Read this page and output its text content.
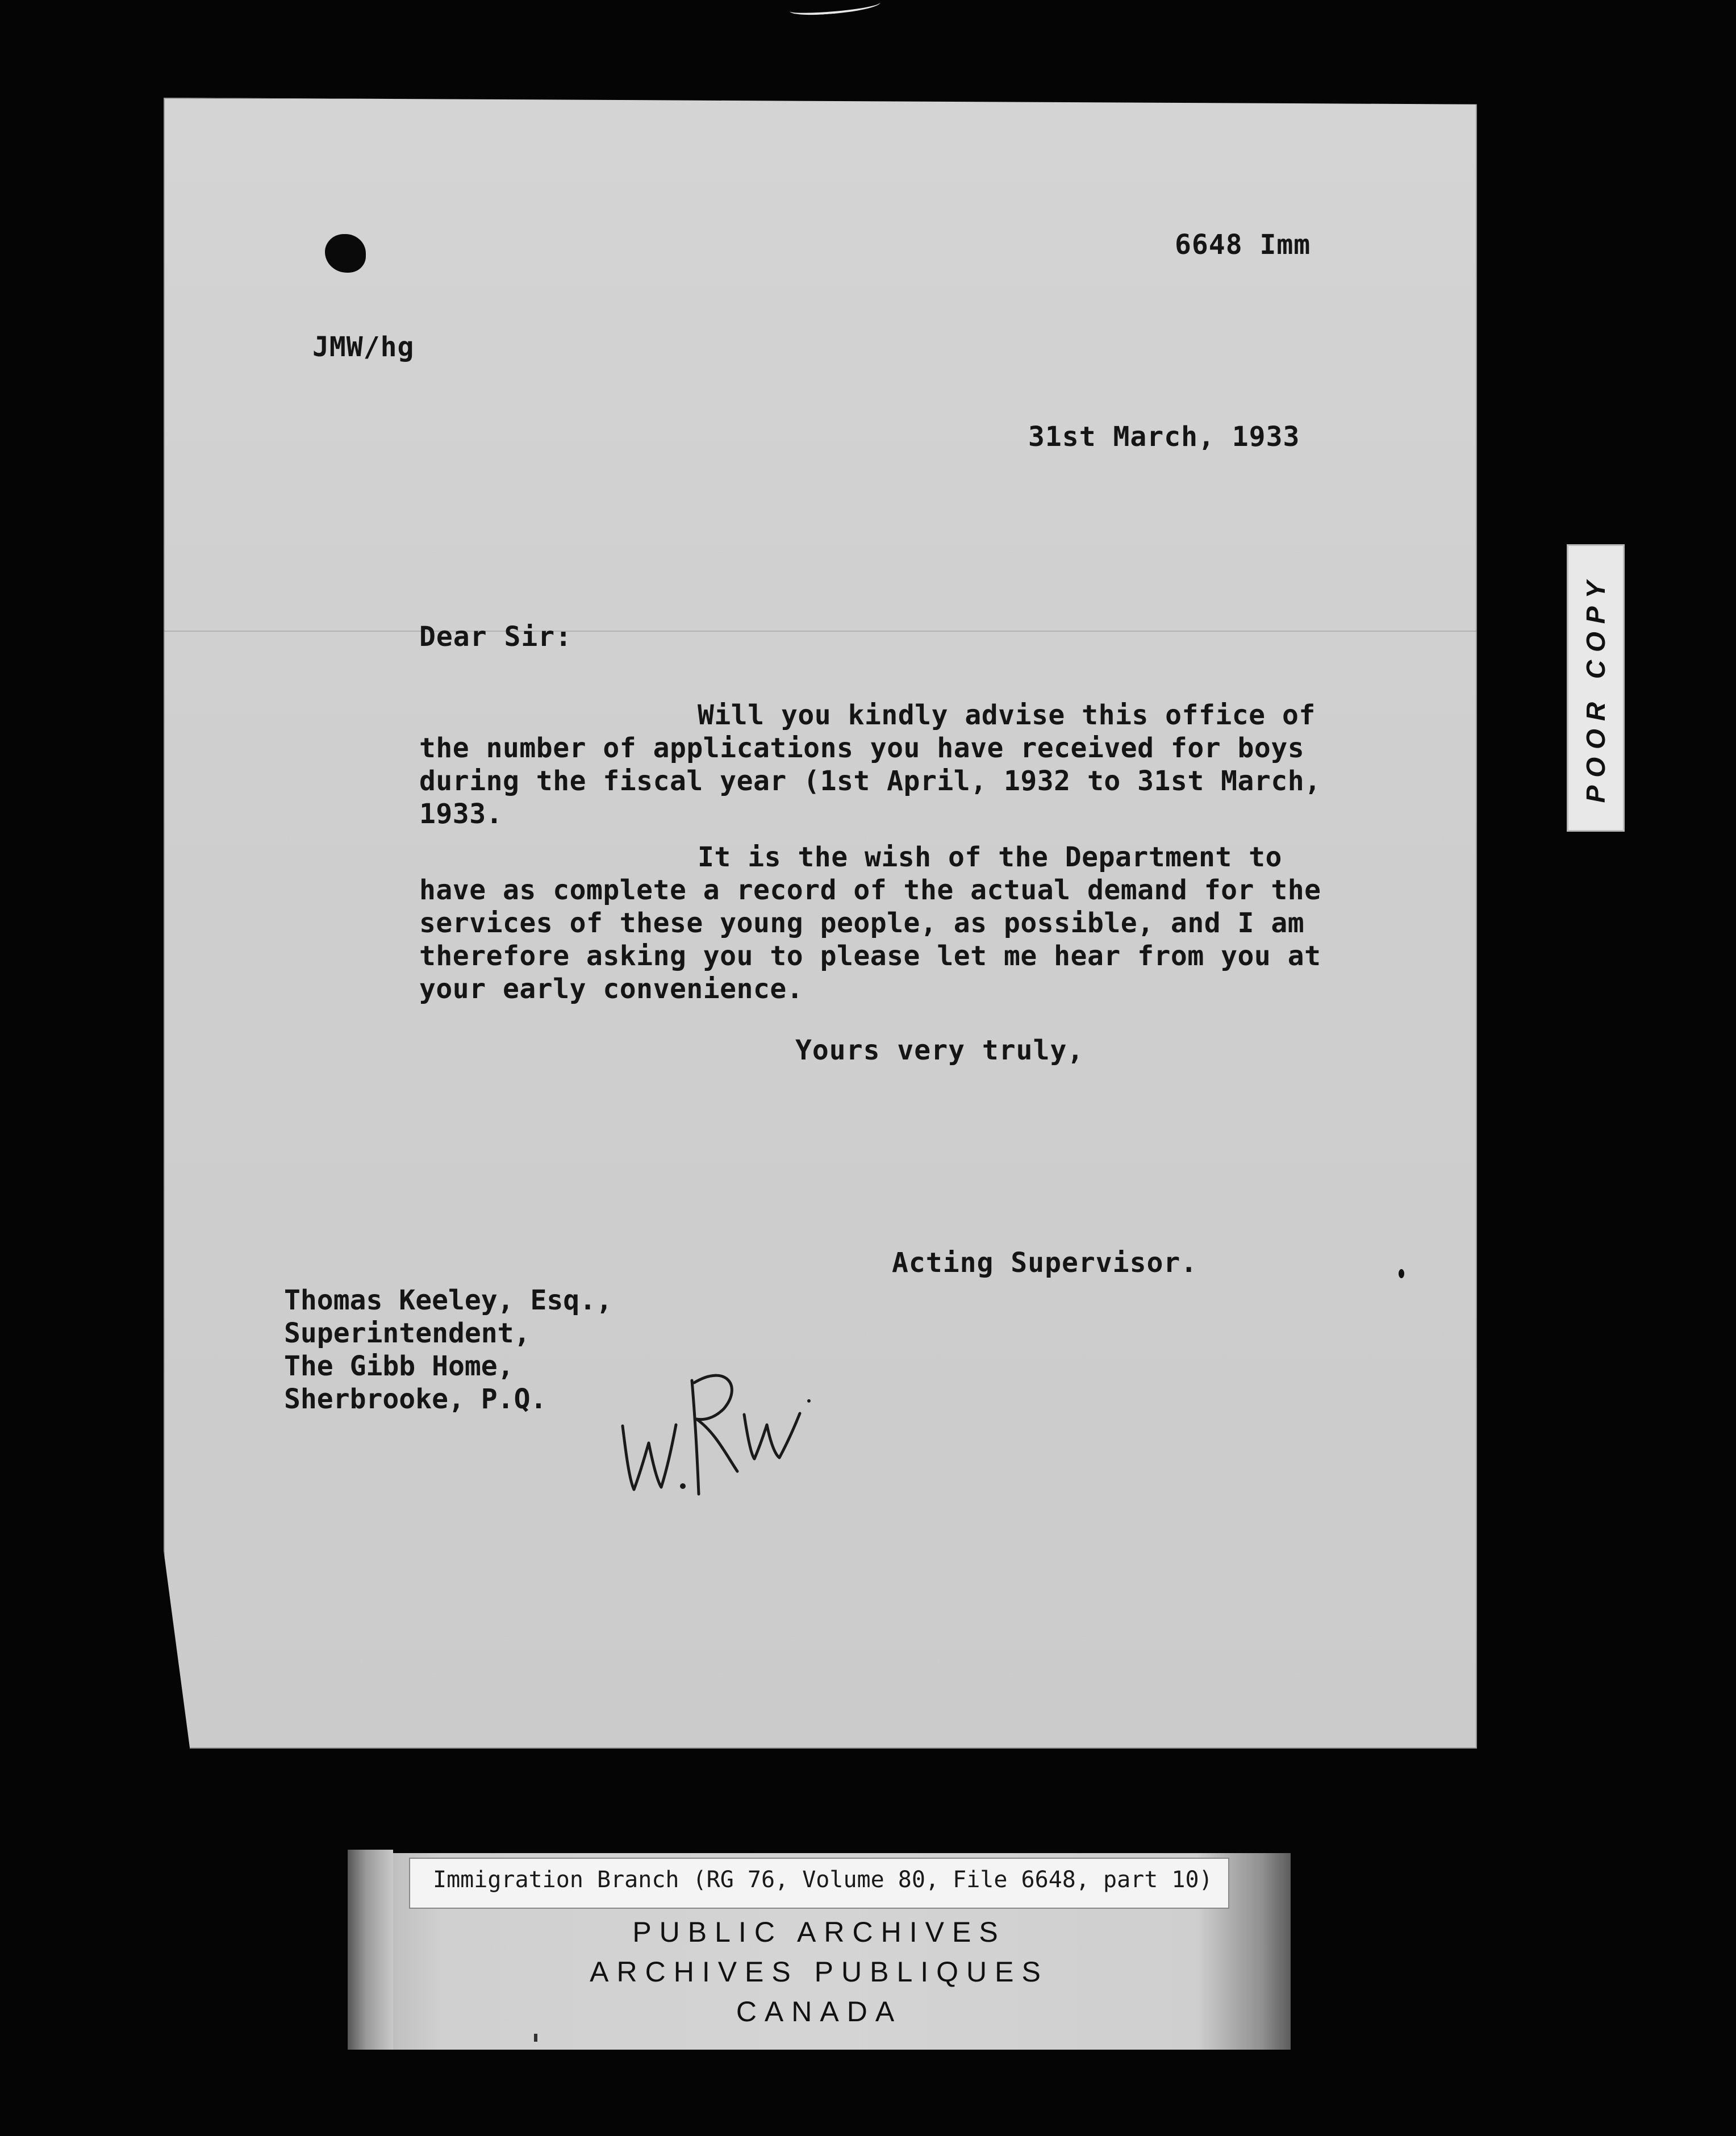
6648 Imm
JMW/hg
31st March, 1933
Dear Sir:
Will you kindly advise this office of the number of applications you have received for boys during the fiscal year (1st April, 1932 to 31st March, 1933.
It is the wish of the Department to have as complete a record of the actual demand for the services of these young people, as possible, and I am therefore asking you to please let me hear from you at your early convenience.
Yours very truly,
Acting Supervisor.
Thomas Keeley, Esq.,
Superintendent,
The Gibb Home,
Sherbrooke, P.Q.
POOR COPY
Immigration Branch (RG 76, Volume 80, File 6648, part 10)
PUBLIC ARCHIVES
ARCHIVES PUBLIQUES
CANADA
